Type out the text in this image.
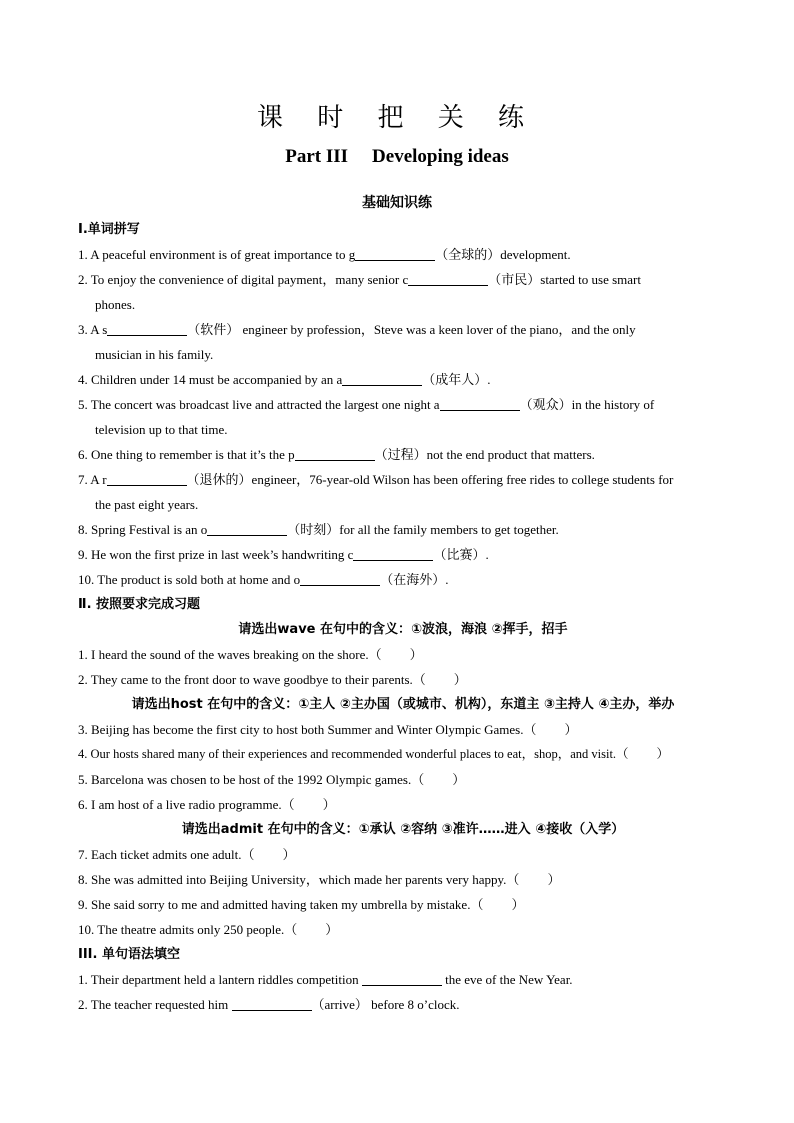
课 时 把 关 练
Part III Developing ideas
基础知识练
Ⅰ.单词拼写
1. A peaceful environment is of great importance to g	（全球的）development.
2. To enjoy the convenience of digital payment，many senior c	（市民）started to use smart
phones.
3. A s	（软件） engineer by profession，Steve was a keen lover of the piano，and the only
musician in his family.
4. Children under 14 must be accompanied by an a	（成年人）.
5. The concert was broadcast live and attracted the largest one night a	（观众）in the history of
television up to that time.
6. One thing to remember is that it’s the p	（过程）not the end product that matters.
7. A r	（退休的）engineer，76-year-old Wilson has been offering free rides to college students for
the past eight years.
8. Spring Festival is an o	（时刻）for all the family members to get together.
9. He won the first prize in last week’s handwriting c	（比赛）.
10. The product is sold both at home and o	（在海外）.
Ⅱ. 按照要求完成习题
请选出wave 在句中的含义：①波浪，海浪 ②挥手，招手
1. I heard the sound of the waves breaking on the shore.（ ）
2. They came to the front door to wave goodbye to their parents.（ ）
请选出host 在句中的含义：①主人 ②主办国（或城市、机构），东道主 ③主持人 ④主办，举办
3. Beijing has become the first city to host both Summer and Winter Olympic Games.（ ）
4. Our hosts shared many of their experiences and recommended wonderful places to eat，shop，and visit.（ ）
5. Barcelona was chosen to be host of the 1992 Olympic games.（ ）
6. I am host of a live radio programme.（ ）
请选出admit 在句中的含义：①承认 ②容纳 ③准许……进入 ④接收（入学）
7. Each ticket admits one adult.（ ）
8. She was admitted into Beijing University，which made her parents very happy.（ ）
9. She said sorry to me and admitted having taken my umbrella by mistake.（ ）
10. The theatre admits only 250 people.（ ）
III. 单句语法填空
1. Their department held a lantern riddles competition	the eve of the New Year.
2. The teacher requested him	（arrive） before 8 o’clock.
